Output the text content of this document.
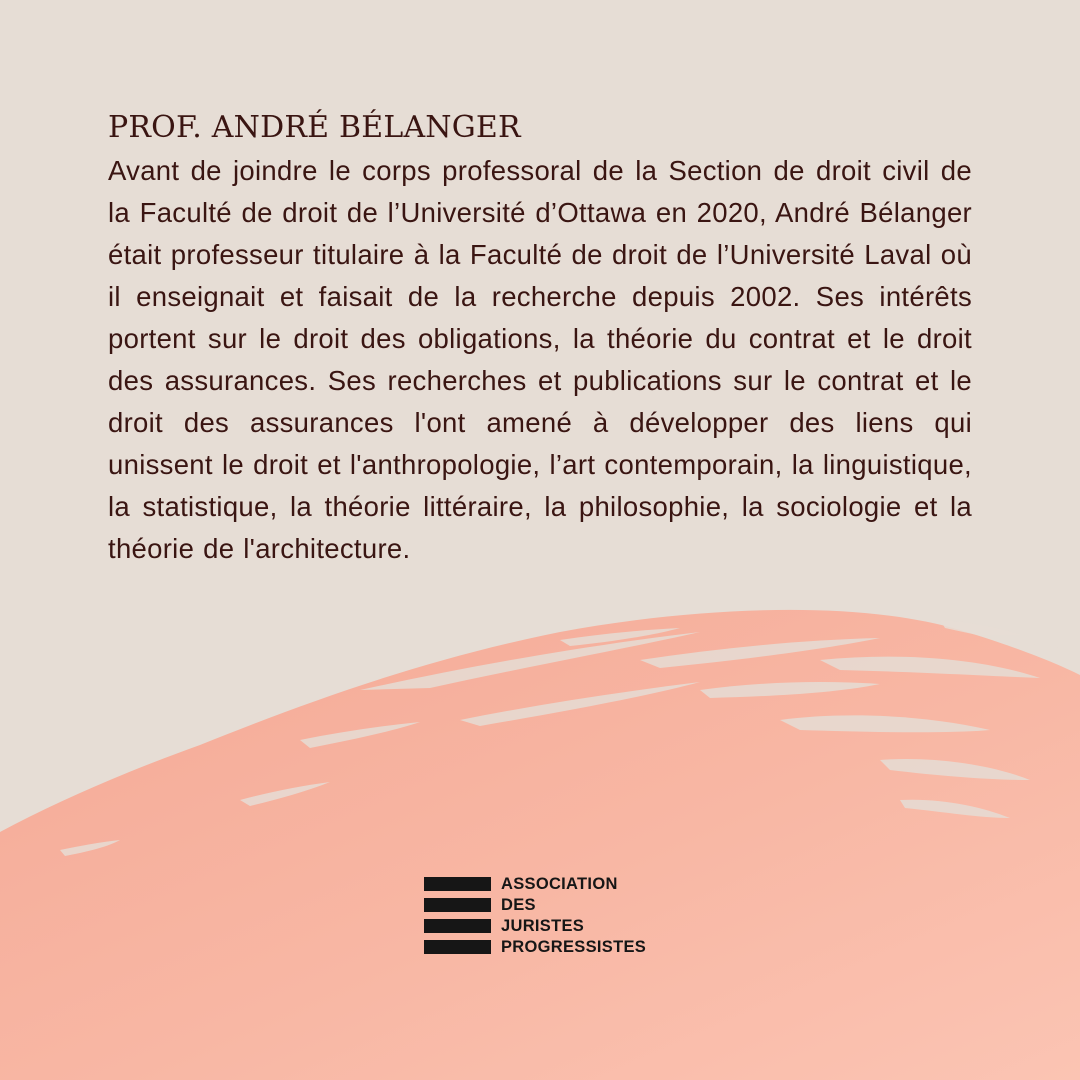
PROF. ANDRÉ BÉLANGER

Avant de joindre le corps professoral de la Section de droit civil de la Faculté de droit de l’Université d’Ottawa en 2020, André Bélanger était professeur titulaire à la Faculté de droit de l’Université Laval où il enseignait et faisait de la recherche depuis 2002. Ses intérêts portent sur le droit des obligations, la théorie du contrat et le droit des assurances. Ses recherches et publications sur le contrat et le droit des assurances l'ont amené à développer des liens qui unissent le droit et l'anthropologie, l’art contemporain, la linguistique, la statistique, la théorie littéraire, la philosophie, la sociologie et la théorie de l'architecture.

ASSOCIATION
DES
JURISTES
PROGRESSISTES
